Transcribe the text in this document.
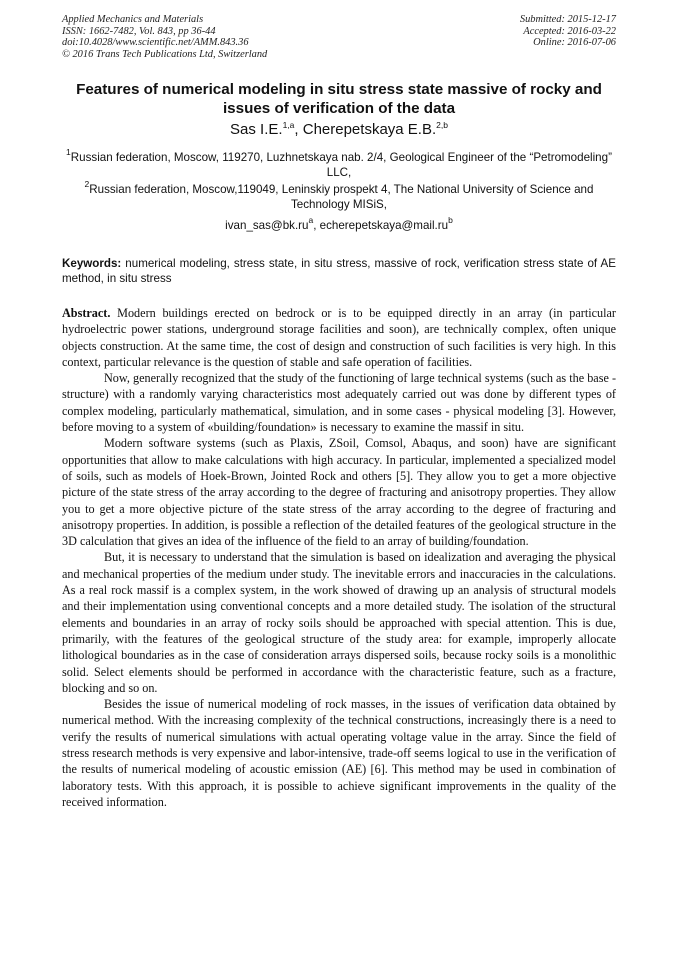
Applied Mechanics and Materials
ISSN: 1662-7482, Vol. 843, pp 36-44
doi:10.4028/www.scientific.net/AMM.843.36
© 2016 Trans Tech Publications Ltd, Switzerland
Submitted: 2015-12-17
Accepted: 2016-03-22
Online: 2016-07-06
Features of numerical modeling in situ stress state massive of rocky and issues of verification of the data
Sas I.E.$^{1,a}$, Cherepetskaya E.B.$^{2,b}$
$^1$Russian federation, Moscow, 119270, Luzhnetskaya nab. 2/4, Geological Engineer of the “Petromodeling” LLC,
$^2$Russian federation, Moscow,119049, Leninskiy prospekt 4, The National University of Science and Technology MISiS,
$ivan\_sas@bk.ru^a$, $echerepetskaya@mail.ru^b$
Keywords: numerical modeling, stress state, in situ stress, massive of rock, verification stress state of AE method, in situ stress

Abstract. Modern buildings erected on bedrock or is to be equipped directly in an array (in particular hydroelectric power stations, underground storage facilities and soon), are technically complex, often unique objects construction. At the same time, the cost of design and construction of such facilities is very high. In this context, particular relevance is the question of stable and safe operation of facilities.

Now, generally recognized that the study of the functioning of large technical systems (such as the base - structure) with a randomly varying characteristics most adequately carried out was done by different types of complex modeling, particularly mathematical, simulation, and in some cases - physical modeling [3]. However, before moving to a system of «building/foundation» is necessary to examine the massif in situ.

Modern software systems (such as Plaxis, ZSoil, Comsol, Abaqus, and soon) have are significant opportunities that allow to make calculations with high accuracy. In particular, implemented a specialized model of soils, such as models of Hoek-Brown, Jointed Rock and others [5]. They allow you to get a more objective picture of the state stress of the array according to the degree of fracturing and anisotropy properties. They allow you to get a more objective picture of the state stress of the array according to the degree of fracturing and anisotropy properties. In addition, is possible a reflection of the detailed features of the geological structure in the 3D calculation that gives an idea of the influence of the field to an array of building/foundation.

But, it is necessary to understand that the simulation is based on idealization and averaging the physical and mechanical properties of the medium under study. The inevitable errors and inaccuracies in the calculations. As a real rock massif is a complex system, in the work showed of drawing up an analysis of structural models and their implementation using conventional concepts and a more detailed study. The isolation of the structural elements and boundaries in an array of rocky soils should be approached with special attention. This is due, primarily, with the features of the geological structure of the study area: for example, improperly allocate lithological boundaries as in the case of consideration arrays dispersed soils, because rocky soils is a monolithic solid. Select elements should be performed in accordance with the characteristic feature, such as a fracture, blocking and so on.

Besides the issue of numerical modeling of rock masses, in the issues of verification data obtained by numerical method. With the increasing complexity of the technical constructions, increasingly there is a need to verify the results of numerical simulations with actual operating voltage value in the array. Since the field of stress research methods is very expensive and labor-intensive, trade-off seems logical to use in the verification of the results of numerical modeling of acoustic emission (AE) [6]. This method may be used in combination of laboratory tests. With this approach, it is possible to achieve significant improvements in the quality of the received information.
